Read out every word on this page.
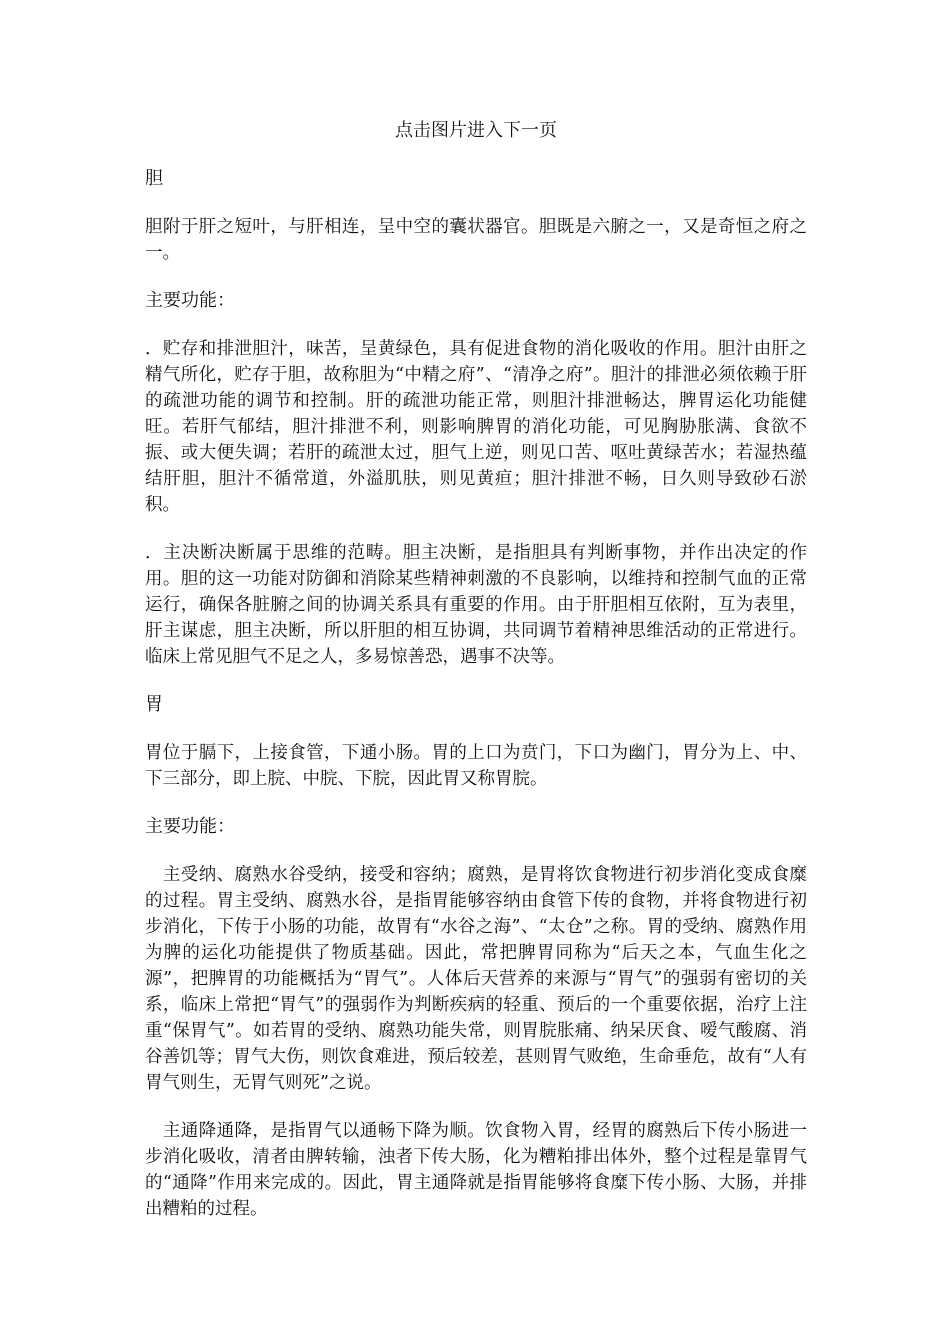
点击图片进入下一页
胆

胆附于肝之短叶，与肝相连，呈中空的囊状器官。胆既是六腑之一，又是奇恒之府之一。

主要功能：

．贮存和排泄胆汁，味苦，呈黄绿色，具有促进食物的消化吸收的作用。胆汁由肝之精气所化，贮存于胆，故称胆为“中精之府”、“清净之府”。胆汁的排泄必须依赖于肝的疏泄功能的调节和控制。肝的疏泄功能正常，则胆汁排泄畅达，脾胃运化功能健旺。若肝气郁结，胆汁排泄不利，则影响脾胃的消化功能，可见胸胁胀满、食欲不振、或大便失调；若肝的疏泄太过，胆气上逆，则见口苦、呕吐黄绿苦水；若湿热蕴结肝胆，胆汁不循常道，外溢肌肤，则见黄疸；胆汁排泄不畅，日久则导致砂石淤积。

．主决断决断属于思维的范畴。胆主决断，是指胆具有判断事物，并作出决定的作用。胆的这一功能对防御和消除某些精神刺激的不良影响，以维持和控制气血的正常运行，确保各脏腑之间的协调关系具有重要的作用。由于肝胆相互依附，互为表里，肝主谋虑，胆主决断，所以肝胆的相互协调，共同调节着精神思维活动的正常进行。临床上常见胆气不足之人，多易惊善恐，遇事不决等。

胃

胃位于膈下，上接食管，下通小肠。胃的上口为贲门，下口为幽门，胃分为上、中、下三部分，即上脘、中脘、下脘，因此胃又称胃脘。

主要功能：

　主受纳、腐熟水谷受纳，接受和容纳；腐熟，是胃将饮食物进行初步消化变成食糜的过程。胃主受纳、腐熟水谷，是指胃能够容纳由食管下传的食物，并将食物进行初步消化，下传于小肠的功能，故胃有“水谷之海”、“太仓”之称。胃的受纳、腐熟作用为脾的运化功能提供了物质基础。因此，常把脾胃同称为“后天之本，气血生化之源”，把脾胃的功能概括为“胃气”。人体后天营养的来源与“胃气”的强弱有密切的关系，临床上常把“胃气”的强弱作为判断疾病的轻重、预后的一个重要依据，治疗上注重“保胃气”。如若胃的受纳、腐熟功能失常，则胃脘胀痛、纳呆厌食、嗳气酸腐、消谷善饥等；胃气大伤，则饮食难进，预后较差，甚则胃气败绝，生命垂危，故有“人有胃气则生，无胃气则死”之说。

　主通降通降，是指胃气以通畅下降为顺。饮食物入胃，经胃的腐熟后下传小肠进一步消化吸收，清者由脾转输，浊者下传大肠，化为糟粕排出体外，整个过程是靠胃气的“通降”作用来完成的。因此，胃主通降就是指胃能够将食糜下传小肠、大肠，并排出糟粕的过程。
